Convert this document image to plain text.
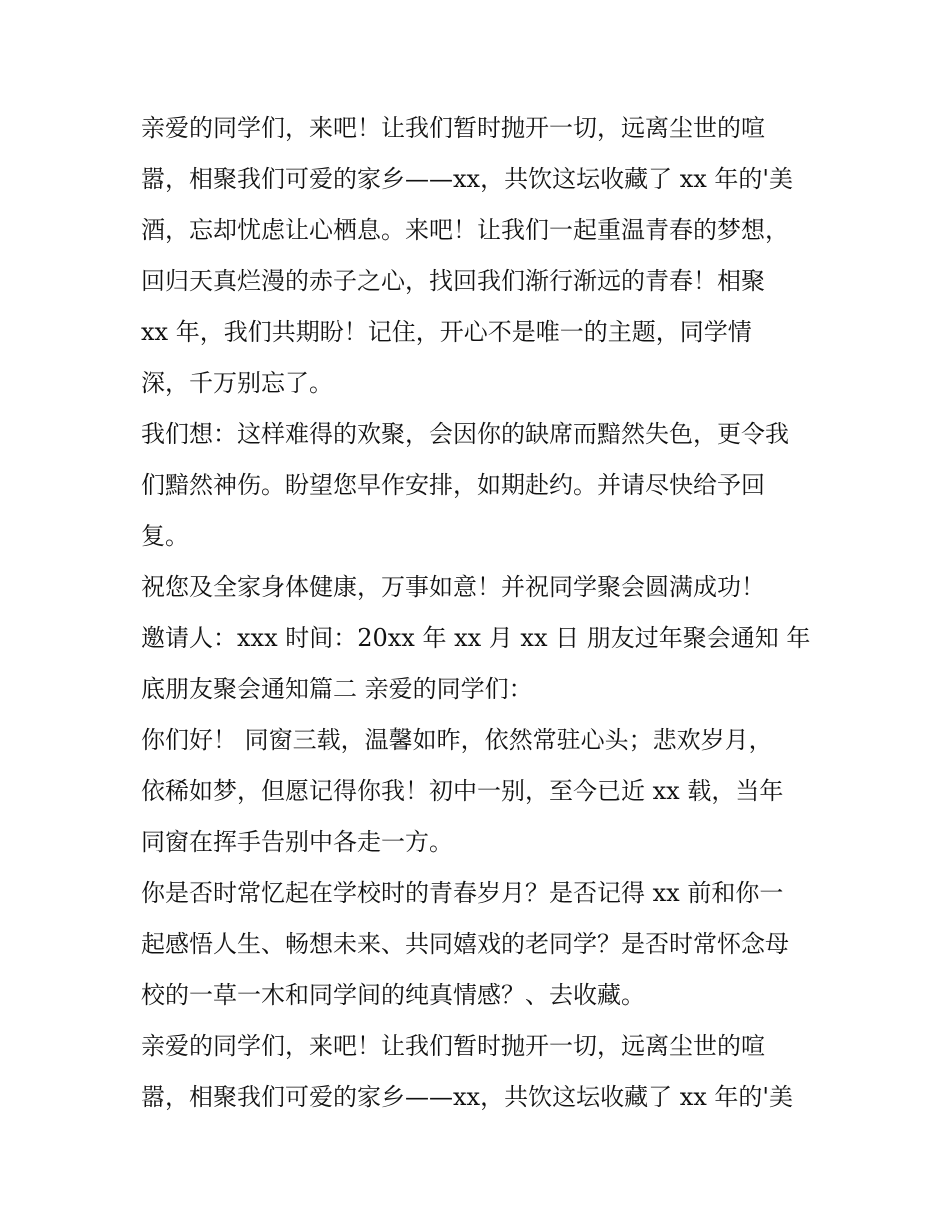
亲爱的同学们，来吧！让我们暂时抛开一切，远离尘世的喧
嚣，相聚我们可爱的家乡——xx，共饮这坛收藏了 xx 年的'美
酒，忘却忧虑让心栖息。来吧！让我们一起重温青春的梦想，
回归天真烂漫的赤子之心，找回我们渐行渐远的青春！相聚
xx 年，我们共期盼！记住，开心不是唯一的主题，同学情
深，千万别忘了。
我们想：这样难得的欢聚，会因你的缺席而黯然失色，更令我
们黯然神伤。盼望您早作安排，如期赴约。并请尽快给予回
复。
祝您及全家身体健康，万事如意！并祝同学聚会圆满成功！
邀请人：xxx 时间：20xx 年 xx 月 xx 日 朋友过年聚会通知 年
底朋友聚会通知篇二 亲爱的同学们：
你们好！ 同窗三载，温馨如昨，依然常驻心头；悲欢岁月，
依稀如梦，但愿记得你我！初中一别，至今已近 xx 载，当年
同窗在挥手告别中各走一方。
你是否时常忆起在学校时的青春岁月？是否记得 xx 前和你一
起感悟人生、畅想未来、共同嬉戏的老同学？是否时常怀念母
校的一草一木和同学间的纯真情感？、去收藏。
亲爱的同学们，来吧！让我们暂时抛开一切，远离尘世的喧
嚣，相聚我们可爱的家乡——xx，共饮这坛收藏了 xx 年的'美
